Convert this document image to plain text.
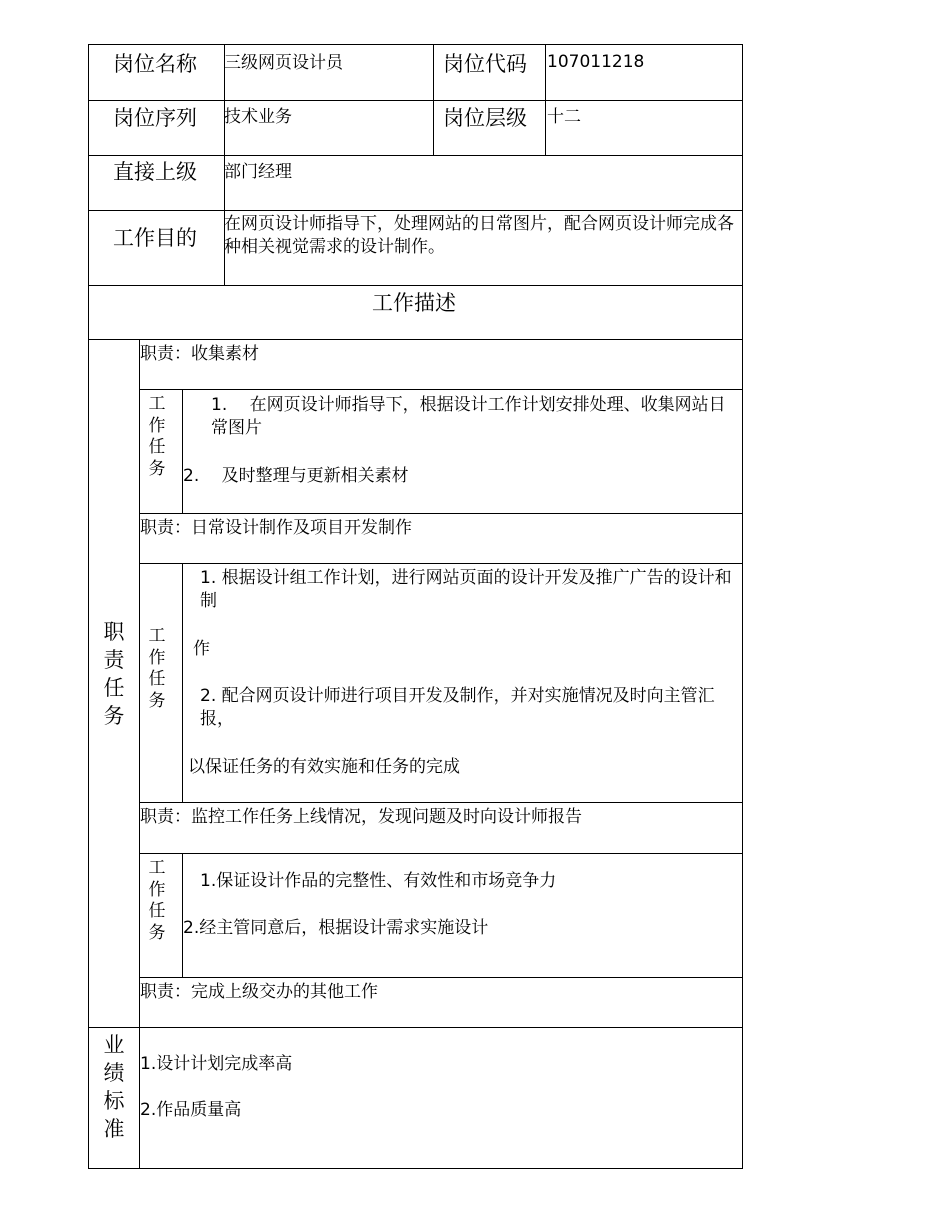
岗位名称 三级网页设计员	岗位代码 107011218
岗位序列 技术业务	岗位层级 十二
直接上级 部门经理
工作目的
在网页设计师指导下，处理网站的日常图片，配合网页设计师完成各种相关视觉需求的设计制作。
工作描述
职责任务
业绩标准
职责：收集素材
工作任务
1.　 在网页设计师指导下，根据设计工作计划安排处理、收集网站日常图片
2.　 及时整理与更新相关素材
职责：日常设计制作及项目开发制作
工作任务
1. 根据设计组工作计划，进行网站页面的设计开发及推广广告的设计和制
作
2. 配合网页设计师进行项目开发及制作，并对实施情况及时向主管汇报，
以保证任务的有效实施和任务的完成
职责：监控工作任务上线情况，发现问题及时向设计师报告
工作任务
1.保证设计作品的完整性、有效性和市场竞争力
2.经主管同意后，根据设计需求实施设计
职责：完成上级交办的其他工作
1.设计计划完成率高
2.作品质量高
